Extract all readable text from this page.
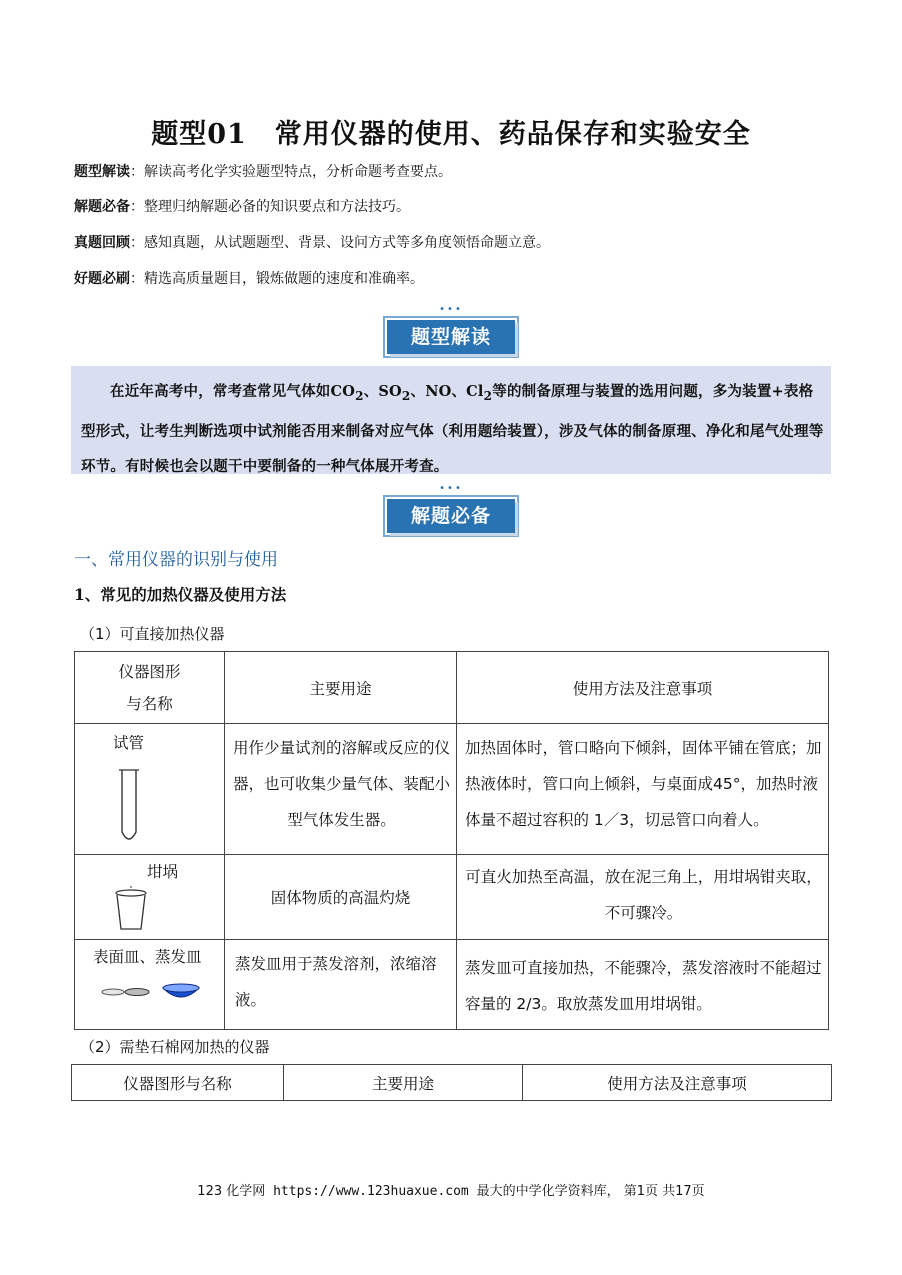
题型01　常用仪器的使用、药品保存和实验安全
题型解读：解读高考化学实验题型特点，分析命题考查要点。
解题必备：整理归纳解题必备的知识要点和方法技巧。
真题回顾：感知真题，从试题题型、背景、设问方式等多角度领悟命题立意。
好题必刷：精选高质量题目，锻炼做题的速度和准确率。
•••
题型解读

在近年高考中，常考查常见气体如$CO_2$、$SO_2$、NO、$Cl_2$等的制备原理与装置的选用问题，多为装置+表格型形式，让考生判断选项中试剂能否用来制备对应气体（利用题给装置），涉及气体的制备原理、净化和尾气处理等环节。有时候也会以题干中要制备的一种气体展开考查。

•••
解题必备
一、常用仪器的识别与使用
1、常见的加热仪器及使用方法
（1）可直接加热仪器
仪器图形
与名称	主要用途	使用方法及注意事项

试管	用作少量试剂的溶解或反应的仪器，也可收集少量气体、装配小型气体发生器。	加热固体时，管口略向下倾斜，固体平铺在管底；加热液体时，管口向上倾斜，与桌面成45°，加热时液体量不超过容积的 1／3，切忌管口向着人。

坩埚	固体物质的高温灼烧	可直火加热至高温，放在泥三角上，用坩埚钳夹取，不可骤冷。

表面皿、蒸发皿	蒸发皿用于蒸发溶剂，浓缩溶液。	蒸发皿可直接加热，不能骤冷，蒸发溶液时不能超过容量的 2/3。取放蒸发皿用坩埚钳。
（2）需垫石棉网加热的仪器
仪器图形与名称	主要用途	使用方法及注意事项
123 化学网 https://www.123huaxue.com 最大的中学化学资料库， 第1页 共17页
